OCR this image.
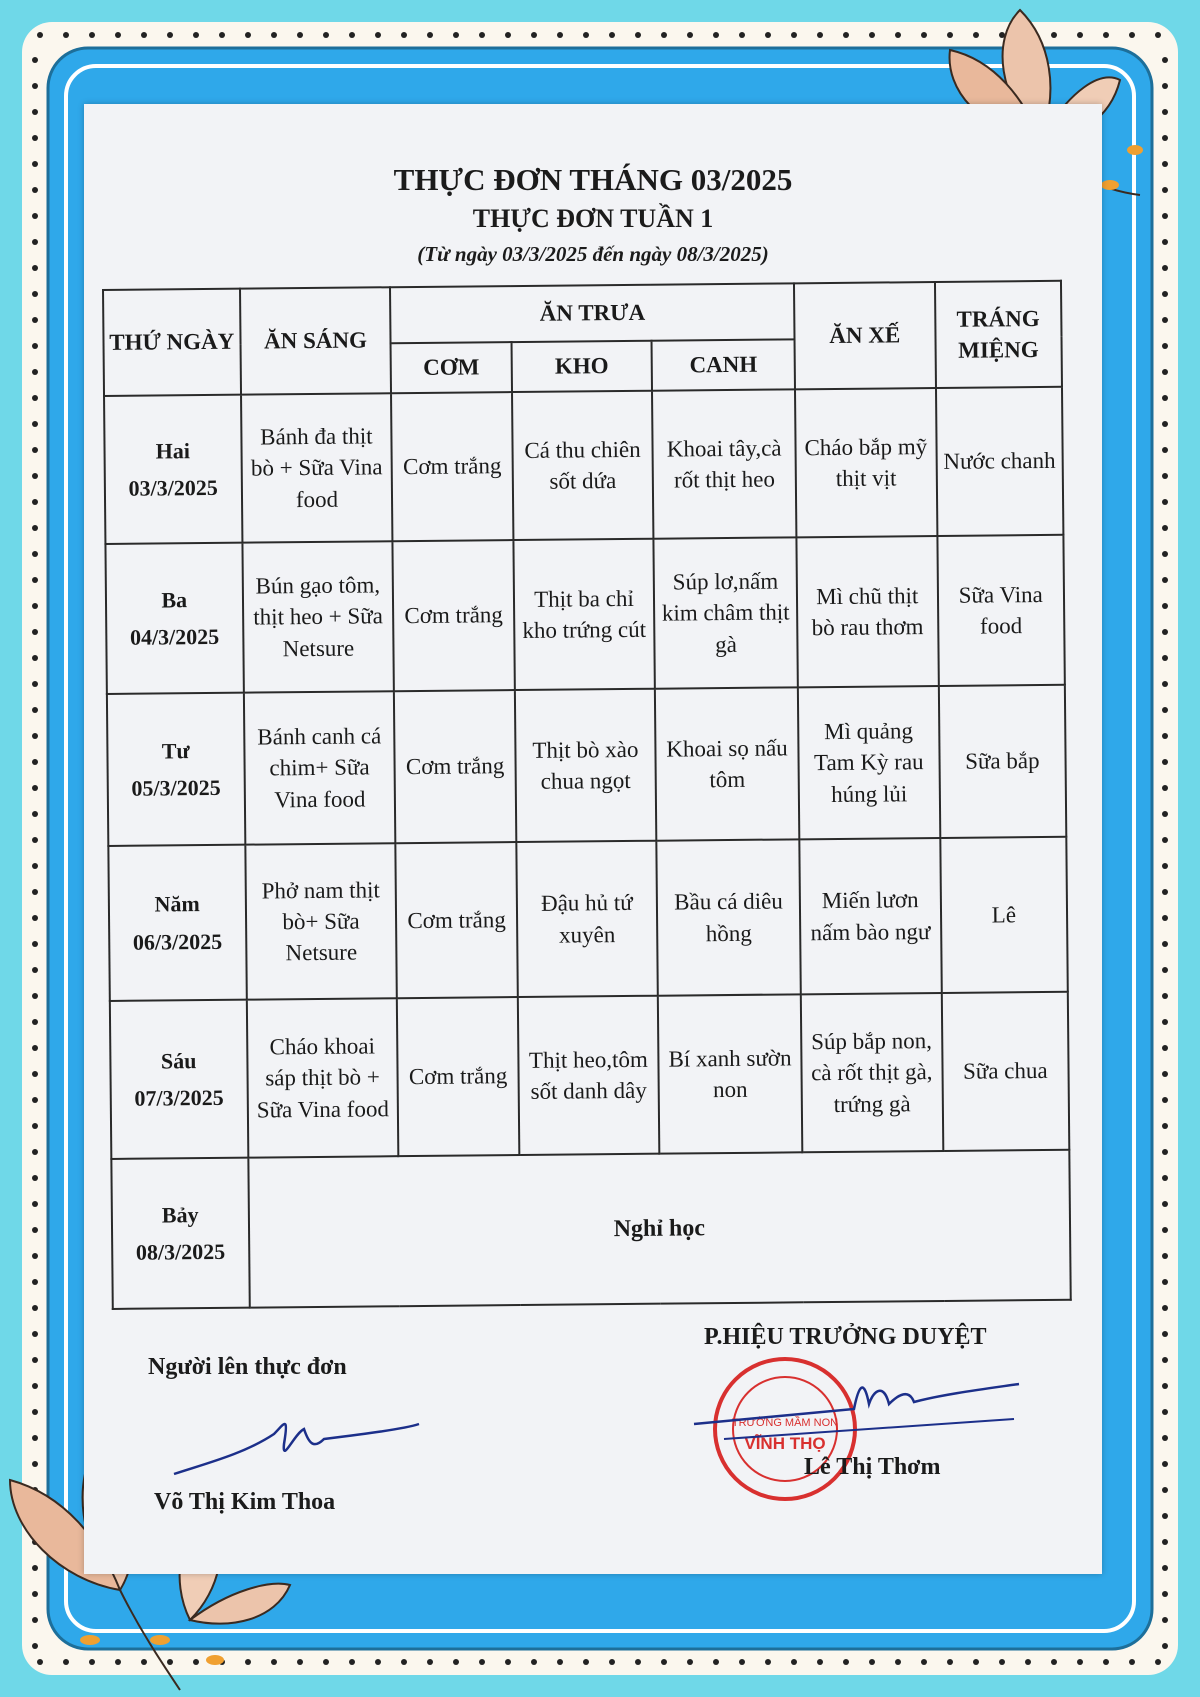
THỰC ĐƠN THÁNG 03/2025
THỰC ĐƠN TUẦN 1
(Từ ngày 03/3/2025 đến ngày 08/3/2025)
THỨ NGÀY	ĂN SÁNG	ĂN TRƯA			ĂN XẾ	TRÁNG MIỆNG
		CƠM	KHO	CANH		

Hai
03/3/2025	Bánh đa thịt bò + Sữa Vina food	Cơm trắng	Cá thu chiên sốt dứa	Khoai tây,cà rốt thịt heo	Cháo bắp mỹ thịt vịt	Nước chanh

Ba
04/3/2025	Bún gạo tôm, thịt heo + Sữa Netsure	Cơm trắng	Thịt ba chỉ kho trứng cút	Súp lơ,nấm kim châm thịt gà	Mì chũ thịt bò rau thơm	Sữa Vina food

Tư
05/3/2025	Bánh canh cá chim+ Sữa Vina food	Cơm trắng	Thịt bò xào chua ngọt	Khoai sọ nấu tôm	Mì quảng Tam Kỳ rau húng lủi	Sữa bắp

Năm
06/3/2025	Phở nam thịt bò+ Sữa Netsure	Cơm trắng	Đậu hủ tứ xuyên	Bầu cá diêu hồng	Miến lươn nấm bào ngư	Lê

Sáu
07/3/2025	Cháo khoai sáp thịt bò + Sữa Vina food	Cơm trắng	Thịt heo,tôm sốt danh dây	Bí xanh sườn non	Súp bắp non, cà rốt thịt gà, trứng gà	Sữa chua

Bảy
08/3/2025	Nghỉ học					
Người lên thực đơn
Võ Thị Kim Thoa
P.HIỆU TRƯỞNG DUYỆT
TRƯỜNG MẦM NON
VĨNH THỌ
Lê Thị Thơm
